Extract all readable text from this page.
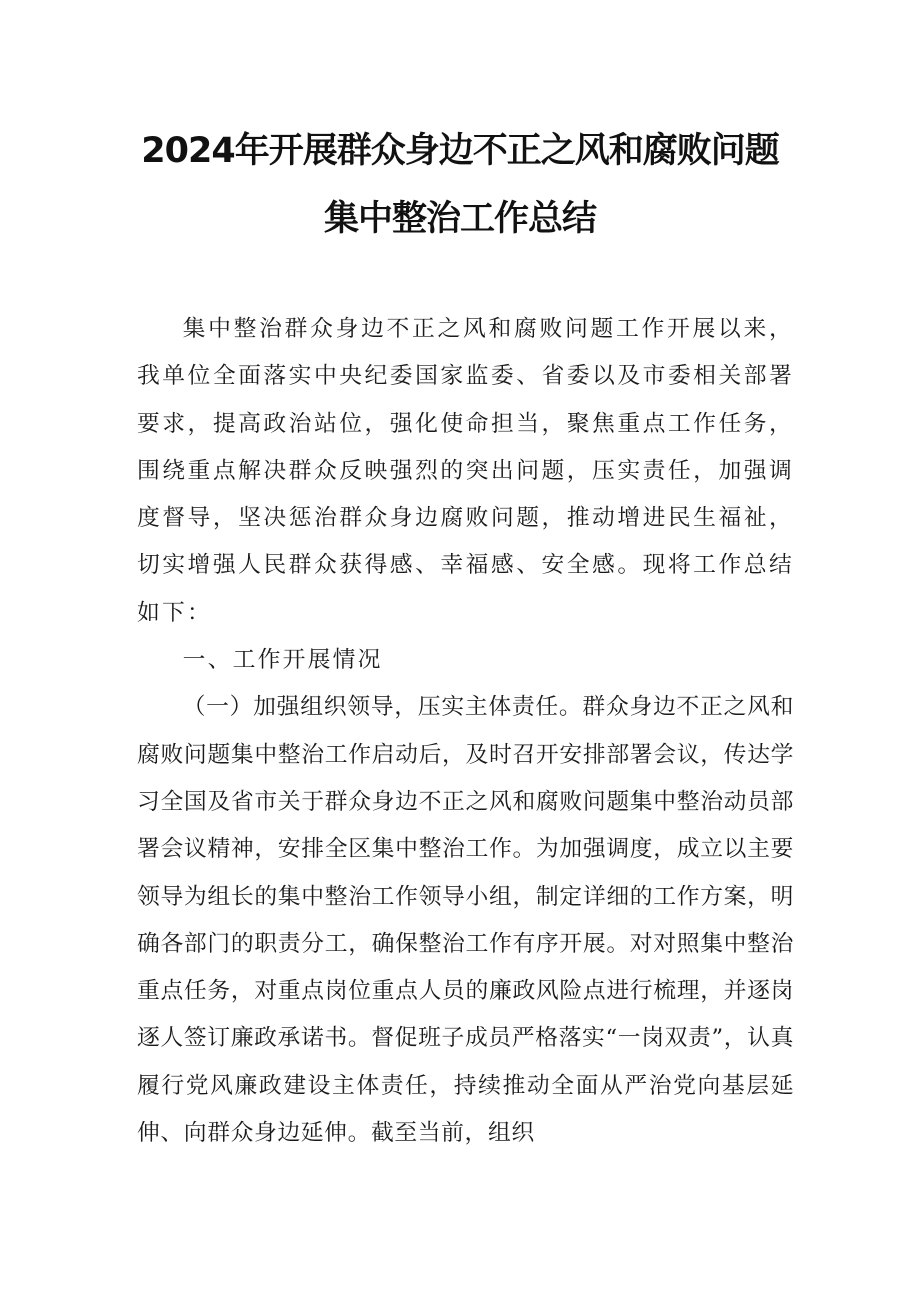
2024年开展群众身边不正之风和腐败问题
集中整治工作总结

集中整治群众身边不正之风和腐败问题工作开展以来，我单位全面落实中央纪委国家监委、省委以及市委相关部署要求，提高政治站位，强化使命担当，聚焦重点工作任务，围绕重点解决群众反映强烈的突出问题，压实责任，加强调度督导，坚决惩治群众身边腐败问题，推动增进民生福祉，切实增强人民群众获得感、幸福感、安全感。现将工作总结如下：

一、工作开展情况

（一）加强组织领导，压实主体责任。群众身边不正之风和腐败问题集中整治工作启动后，及时召开安排部署会议，传达学习全国及省市关于群众身边不正之风和腐败问题集中整治动员部署会议精神，安排全区集中整治工作。为加强调度，成立以主要领导为组长的集中整治工作领导小组，制定详细的工作方案，明确各部门的职责分工，确保整治工作有序开展。对对照集中整治重点任务，对重点岗位重点人员的廉政风险点进行梳理，并逐岗逐人签订廉政承诺书。督促班子成员严格落实“一岗双责”，认真履行党风廉政建设主体责任，持续推动全面从严治党向基层延伸、向群众身边延伸。截至当前，组织
